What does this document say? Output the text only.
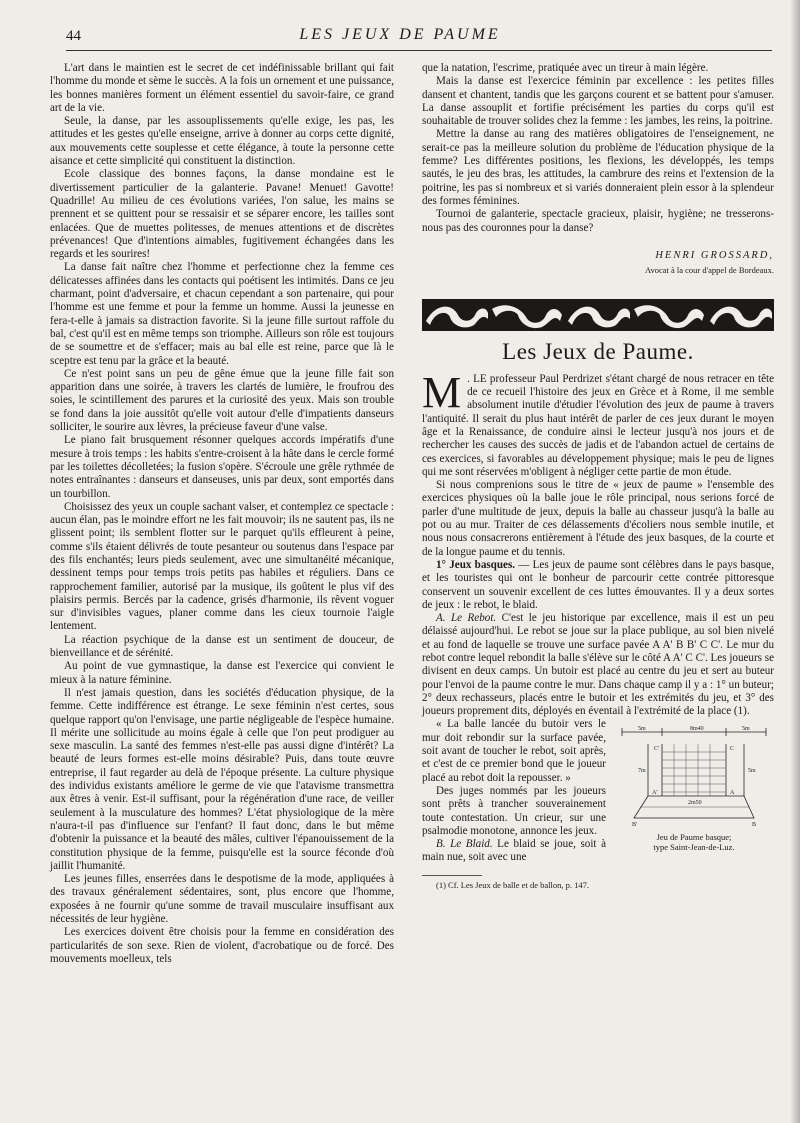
44	LES JEUX DE PAUME

L'art dans le maintien est le secret de cet indéfinissable brillant qui fait l'homme du monde et sème le succès. A la fois un ornement et une puissance, les bonnes manières forment un élément essentiel du savoir-faire, ce grand art de la vie.

Seule, la danse, par les assouplissements qu'elle exige, les pas, les attitudes et les gestes qu'elle enseigne, arrive à donner au corps cette dignité, aux mouvements cette souplesse et cette élégance, à toute la personne cette aisance et cette simplicité qui constituent la distinction.

Ecole classique des bonnes façons, la danse mondaine est le divertissement particulier de la galanterie. Pavane! Menuet! Gavotte! Quadrille! Au milieu de ces évolutions variées, l'on salue, les mains se prennent et se quittent pour se ressaisir et se séparer encore, les tailles sont enlacées. Que de muettes politesses, de menues attentions et de discrètes prévenances! Que d'intentions aimables, fugitivement échangées dans les regards et les sourires!

La danse fait naître chez l'homme et perfectionne chez la femme ces délicatesses affinées dans les contacts qui poétisent les intimités. Dans ce jeu charmant, point d'adversaire, et chacun cependant a son partenaire, qui pour l'homme est une femme et pour la femme un homme. Aussi la jeunesse en fera-t-elle à jamais sa distraction favorite. Si la jeune fille surtout raffole du bal, c'est qu'il est en même temps son triomphe. Ailleurs son rôle est toujours de se soumettre et de s'effacer; mais au bal elle est reine, parce que là le sceptre est tenu par la grâce et la beauté.

Ce n'est point sans un peu de gêne émue que la jeune fille fait son apparition dans une soirée, à travers les clartés de lumière, le froufrou des soies, le scintillement des parures et la curiosité des yeux. Mais son trouble se fond dans la joie aussitôt qu'elle voit autour d'elle d'impatients danseurs solliciter, le sourire aux lèvres, la précieuse faveur d'une valse.

Le piano fait brusquement résonner quelques accords impératifs d'une mesure à trois temps : les habits s'entre-croisent à la hâte dans le cercle formé par les toilettes décolletées; la fusion s'opère. S'écroule une grêle rythmée de notes entraînantes : danseurs et danseuses, unis par deux, sont emportés dans un tourbillon.

Choisissez des yeux un couple sachant valser, et contemplez ce spectacle : aucun élan, pas le moindre effort ne les fait mouvoir; ils ne sautent pas, ils ne glissent point; ils semblent flotter sur le parquet qu'ils effleurent à peine, comme s'ils étaient délivrés de toute pesanteur ou soutenus dans l'espace par des fils enchantés; leurs pieds seulement, avec une simultanéité mécanique, dessinent temps pour temps trois petits pas habiles et réguliers. Dans ce rapprochement familier, autorisé par la musique, ils goûtent le plus vif des plaisirs permis. Bercés par la cadence, grisés d'harmonie, ils rêvent voguer sur d'invisibles vagues, planer comme dans les cieux tournoie l'aigle lentement.

La réaction psychique de la danse est un sentiment de douceur, de bienveillance et de sérénité.

Au point de vue gymnastique, la danse est l'exercice qui convient le mieux à la nature féminine.

Il n'est jamais question, dans les sociétés d'éducation physique, de la femme. Cette indifférence est étrange. Le sexe féminin n'est certes, sous quelque rapport qu'on l'envisage, une partie négligeable de l'espèce humaine. Il mérite une sollicitude au moins égale à celle que l'on peut prodiguer au sexe masculin. La santé des femmes n'est-elle pas aussi digne d'intérêt? La beauté de leurs formes est-elle moins désirable? Puis, dans toute œuvre entreprise, il faut regarder au delà de l'époque présente. La culture physique des individus existants améliore le germe de vie que l'atavisme transmettra aux êtres à venir. Est-il suffisant, pour la régénération d'une race, de veiller seulement à la musculature des hommes? L'état physiologique de la mère n'aura-t-il pas d'influence sur l'enfant? Il faut donc, dans le but même d'obtenir la puissance et la beauté des mâles, cultiver l'épanouissement de la constitution physique de la femme, puisqu'elle est la source féconde d'où jaillit l'humanité.

Les jeunes filles, enserrées dans le despotisme de la mode, appliquées à des travaux généralement sédentaires, sont, plus encore que l'homme, exposées à ne fournir qu'une somme de travail musculaire insuffisant aux nécessités de leur hygiène.

Les exercices doivent être choisis pour la femme en considération des particularités de son sexe. Rien de violent, d'acrobatique ou de forcé. Des mouvements moelleux, tels

que la natation, l'escrime, pratiquée avec un tireur à main légère.

Mais la danse est l'exercice féminin par excellence : les petites filles dansent et chantent, tandis que les garçons courent et se battent pour s'amuser. La danse assouplit et fortifie précisément les parties du corps qu'il est souhaitable de trouver solides chez la femme : les jambes, les reins, la poitrine.

Mettre la danse au rang des matières obligatoires de l'enseignement, ne serait-ce pas la meilleure solution du problème de l'éducation physique de la femme? Les différentes positions, les flexions, les développés, les temps sautés, le jeu des bras, les attitudes, la cambrure des reins et l'extension de la poitrine, les pas si nombreux et si variés donneraient plein essor à la splendeur des formes féminines.

Tournoi de galanterie, spectacle gracieux, plaisir, hygiène; ne tresserons-nous pas des couronnes pour la danse?

HENRI GROSSARD,
Avocat à la cour d'appel de Bordeaux.
Les Jeux de Paume.

M . LE professeur Paul Perdrizet s'étant chargé de nous retracer en tête de ce recueil l'histoire des jeux en Grèce et à Rome, il me semble absolument inutile d'étudier l'évolution des jeux de paume à travers l'antiquité. Il serait du plus haut intérêt de parler de ces jeux durant le moyen âge et la Renaissance, de conduire ainsi le lecteur jusqu'à nos jours et de rechercher les causes des succès de jadis et de l'abandon actuel de certains de ces exercices, si favorables au développement physique; mais le peu de lignes qui me sont réservées m'obligent à négliger cette partie de mon étude.

Si nous comprenions sous le titre de « jeux de paume » l'ensemble des exercices physiques où la balle joue le rôle principal, nous serions forcé de parler d'une multitude de jeux, depuis la balle au chasseur jusqu'à la balle au pot ou au mur. Traiter de ces délassements d'écoliers nous semble inutile, et nous nous consacrerons entièrement à l'étude des jeux basques, de la courte et de la longue paume et du tennis.

1° Jeux basques. — Les jeux de paume sont célèbres dans le pays basque, et les touristes qui ont le bonheur de parcourir cette contrée pittoresque conservent un souvenir excellent de ces luttes émouvantes. Il y a deux sortes de jeux : le rebot, le blaid.

A. Le Rebot. C'est le jeu historique par excellence, mais il est un peu délaissé aujourd'hui. Le rebot se joue sur la place publique, au sol bien nivelé et au fond de laquelle se trouve une surface pavée A A' B B' C C'. Le mur du rebot contre lequel rebondit la balle s'élève sur le côté A A' C C'. Les joueurs se divisent en deux camps. Un butoir est placé au centre du jeu et sert au buteur pour l'envoi de la paume contre le mur. Dans chaque camp il y a : 1° un buteur; 2° deux rechasseurs, placés entre le butoir et les extrémités du jeu, et 3° des joueurs proprement dits, déployés en éventail à l'extrémité de la place (1).

5m	8m40	5m
C'	C
B'	B
A'	A
7m	5m
2m50
Jeu de Paume basque;
type Saint-Jean-de-Luz.

« La balle lancée du butoir vers le mur doit rebondir sur la surface pavée, soit avant de toucher le rebot, soit après, et c'est de ce premier bond que le joueur placé au rebot doit la repousser. »

Des juges nommés par les joueurs sont prêts à trancher souverainement toute contestation. Un crieur, sur une psalmodie monotone, annonce les jeux.

B. Le Blaid. Le blaid se joue, soit à main nue, soit avec une

(1) Cf. Les Jeux de balle et de ballon, p. 147.
